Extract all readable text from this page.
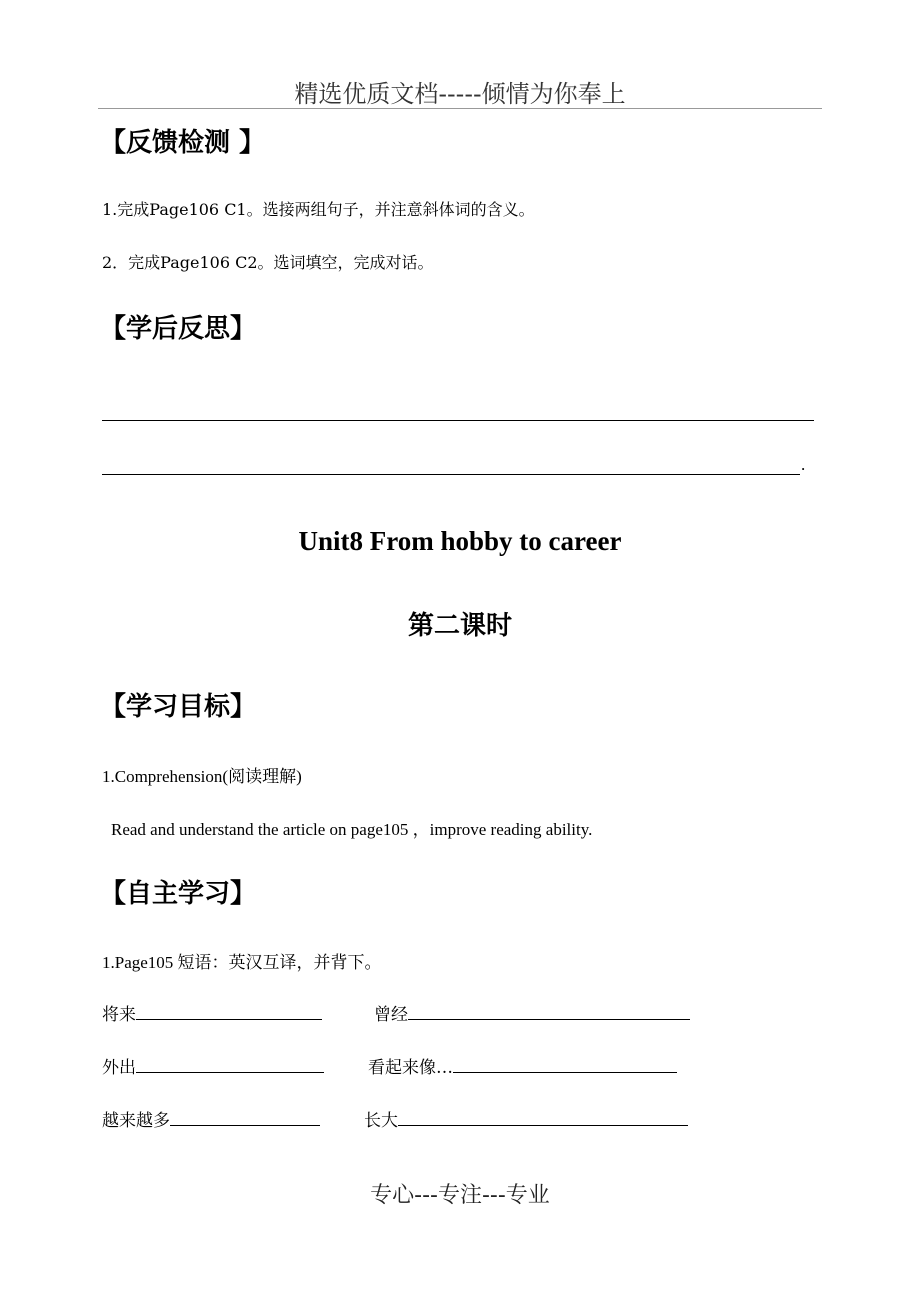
精选优质文档-----倾情为你奉上
【反馈检测 】
1.完成Page106 C1。选接两组句子，并注意斜体词的含义。
2．完成Page106 C2。选词填空，完成对话。
【学后反思】
.
Unit8 From hobby to career
第二课时
【学习目标】
1.Comprehension(阅读理解)
Read and understand the article on page105 ，improve reading ability.
【自主学习】
1.Page105 短语：英汉互译，并背下。
将来	曾经
外出	看起来像…
越来越多	长大
专心---专注---专业
